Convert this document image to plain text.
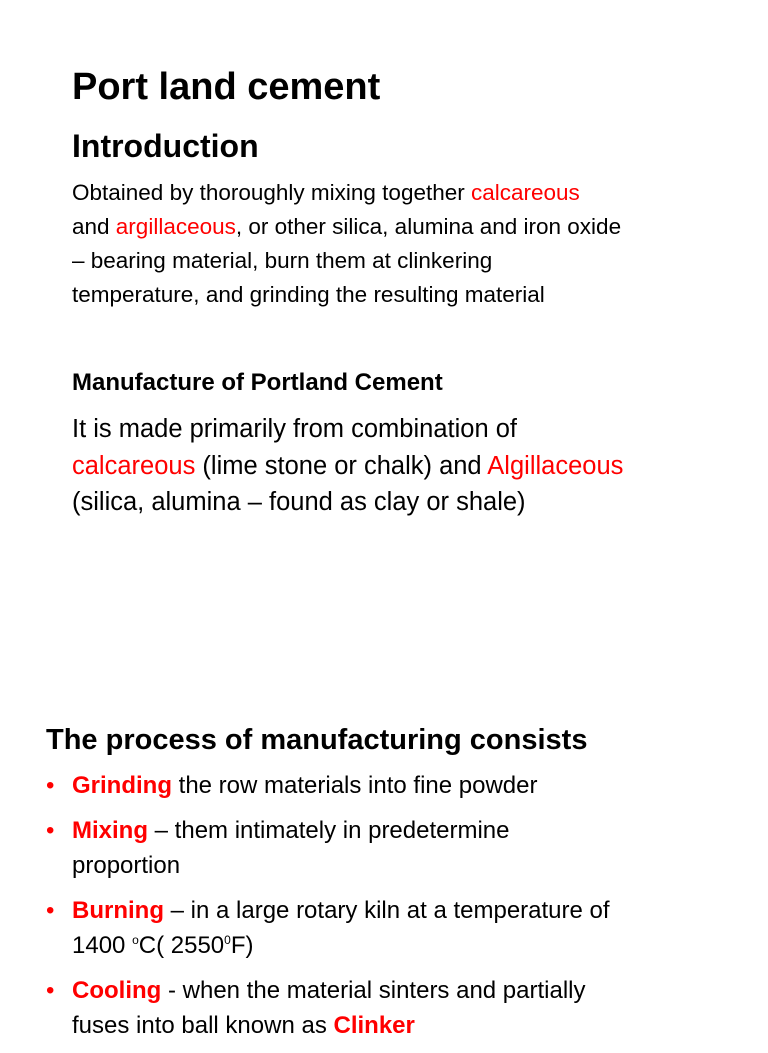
Port land cement
Introduction
Obtained by thoroughly mixing together calcareous
and argillaceous, or other silica, alumina and iron oxide
– bearing material, burn them at clinkering
temperature, and grinding the resulting material
Manufacture of Portland Cement
It is made primarily from combination of
calcareous (lime stone or chalk) and Algillaceous
(silica, alumina – found as clay or shale)
The process of manufacturing consists
• Grinding the row materials into fine powder
• Mixing – them intimately in predetermine
proportion
• Burning – in a large rotary kiln at a temperature of
1400 $^o$C( 2550$^0$F)
• Cooling - when the material sinters and partially
fuses into ball known as Clinker
